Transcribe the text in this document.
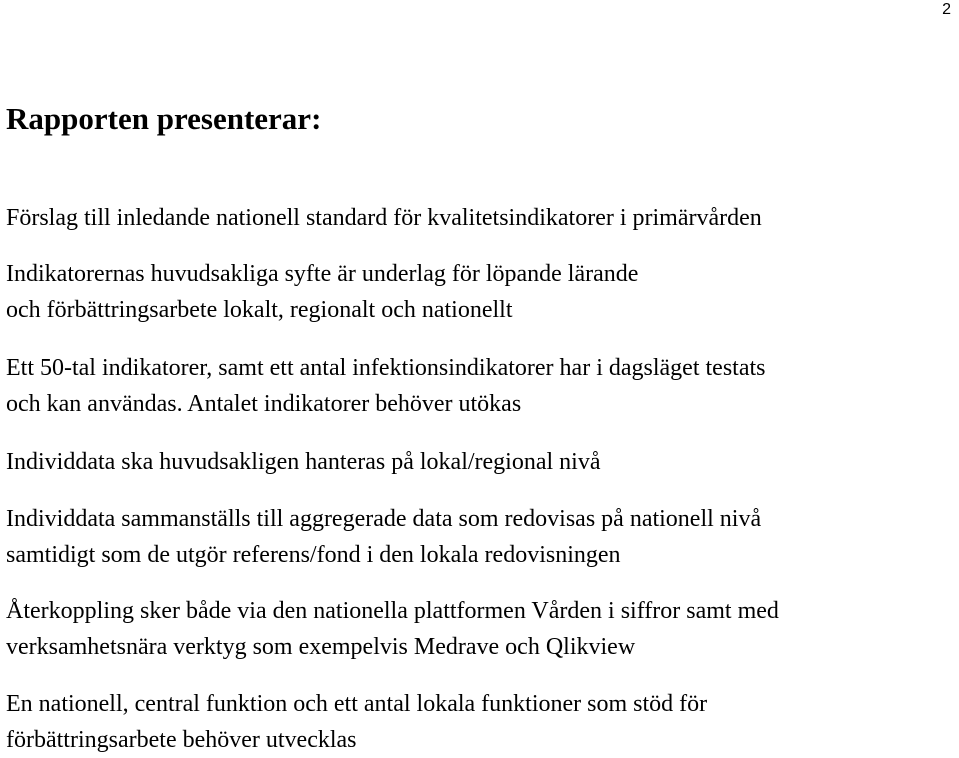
2
Rapporten presenterar:

Förslag till inledande nationell standard för kvalitetsindikatorer i primärvården

Indikatorernas huvudsakliga syfte är underlag för löpande lärande
och förbättringsarbete lokalt, regionalt och nationellt

Ett 50-tal indikatorer, samt ett antal infektionsindikatorer har i dagsläget testats
och kan användas. Antalet indikatorer behöver utökas

Individdata ska huvudsakligen hanteras på lokal/regional nivå

Individdata sammanställs till aggregerade data som redovisas på nationell nivå
samtidigt som de utgör referens/fond i den lokala redovisningen

Återkoppling sker både via den nationella plattformen Vården i siffror samt med
verksamhetsnära verktyg som exempelvis Medrave och Qlikview

En nationell, central funktion och ett antal lokala funktioner som stöd för
förbättringsarbete behöver utvecklas
